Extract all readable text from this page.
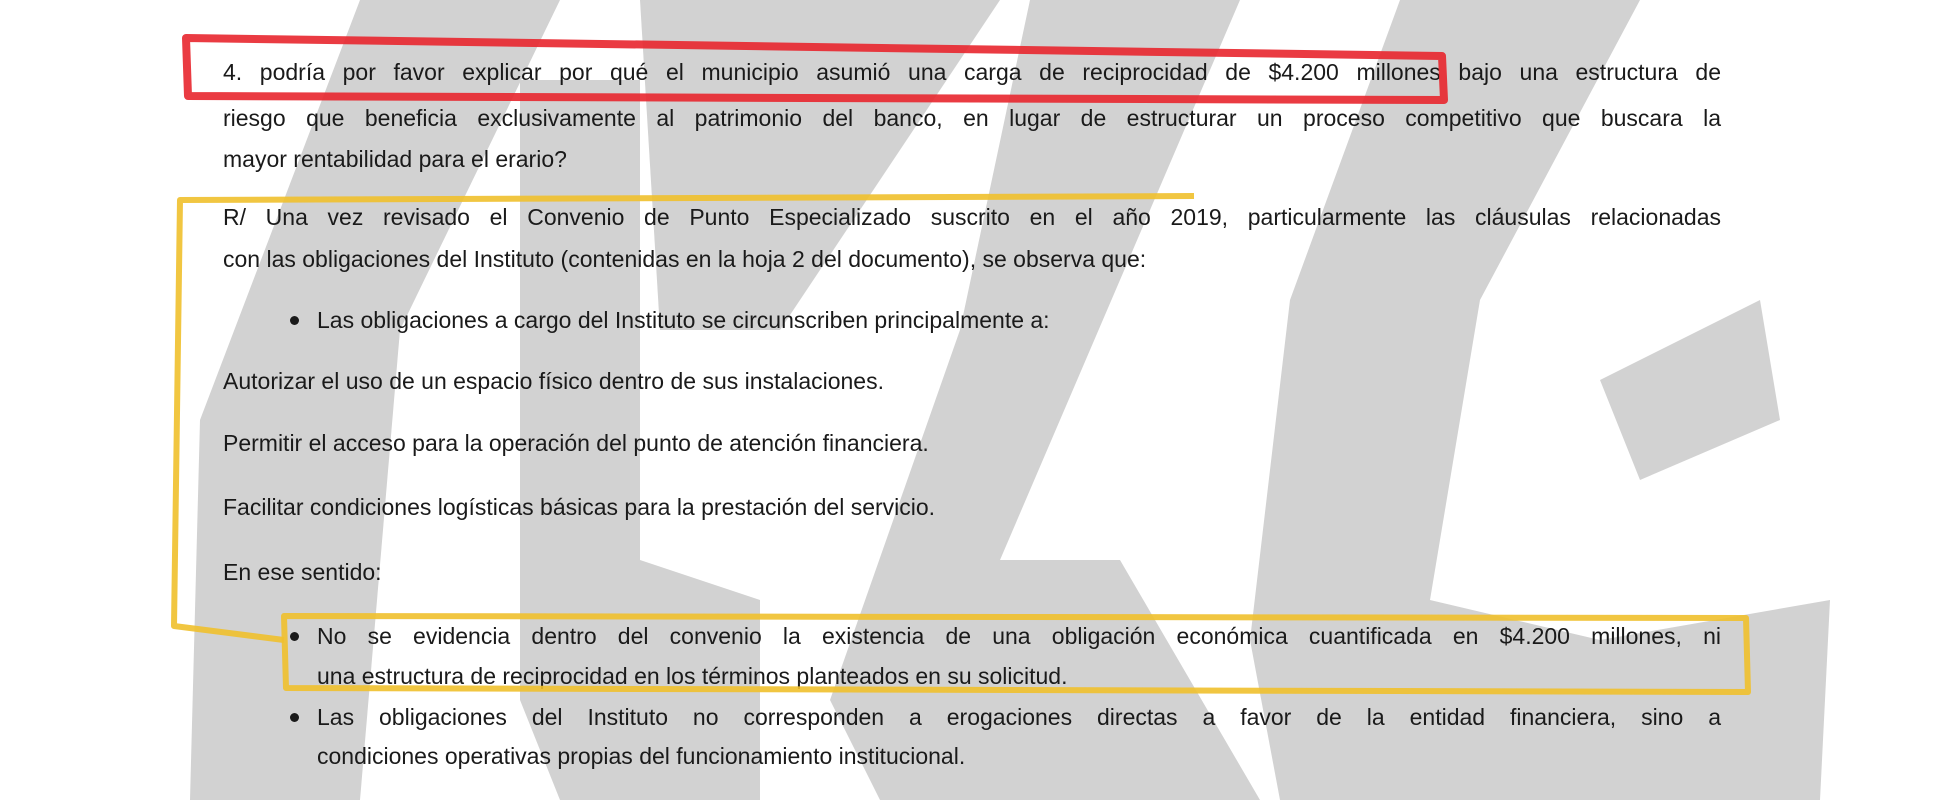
4. podría por favor explicar por qué el municipio asumió una carga de reciprocidad de $4.200 millones bajo una estructura de
riesgo que beneficia exclusivamente al patrimonio del banco, en lugar de estructurar un proceso competitivo que buscara la
mayor rentabilidad para el erario?
R/ Una vez revisado el Convenio de Punto Especializado suscrito en el año 2019, particularmente las cláusulas relacionadas
con las obligaciones del Instituto (contenidas en la hoja 2 del documento), se observa que:
Las obligaciones a cargo del Instituto se circunscriben principalmente a:
Autorizar el uso de un espacio físico dentro de sus instalaciones.
Permitir el acceso para la operación del punto de atención financiera.
Facilitar condiciones logísticas básicas para la prestación del servicio.
En ese sentido:
No se evidencia dentro del convenio la existencia de una obligación económica cuantificada en $4.200 millones, ni
una estructura de reciprocidad en los términos planteados en su solicitud.
Las obligaciones del Instituto no corresponden a erogaciones directas a favor de la entidad financiera, sino a
condiciones operativas propias del funcionamiento institucional.
